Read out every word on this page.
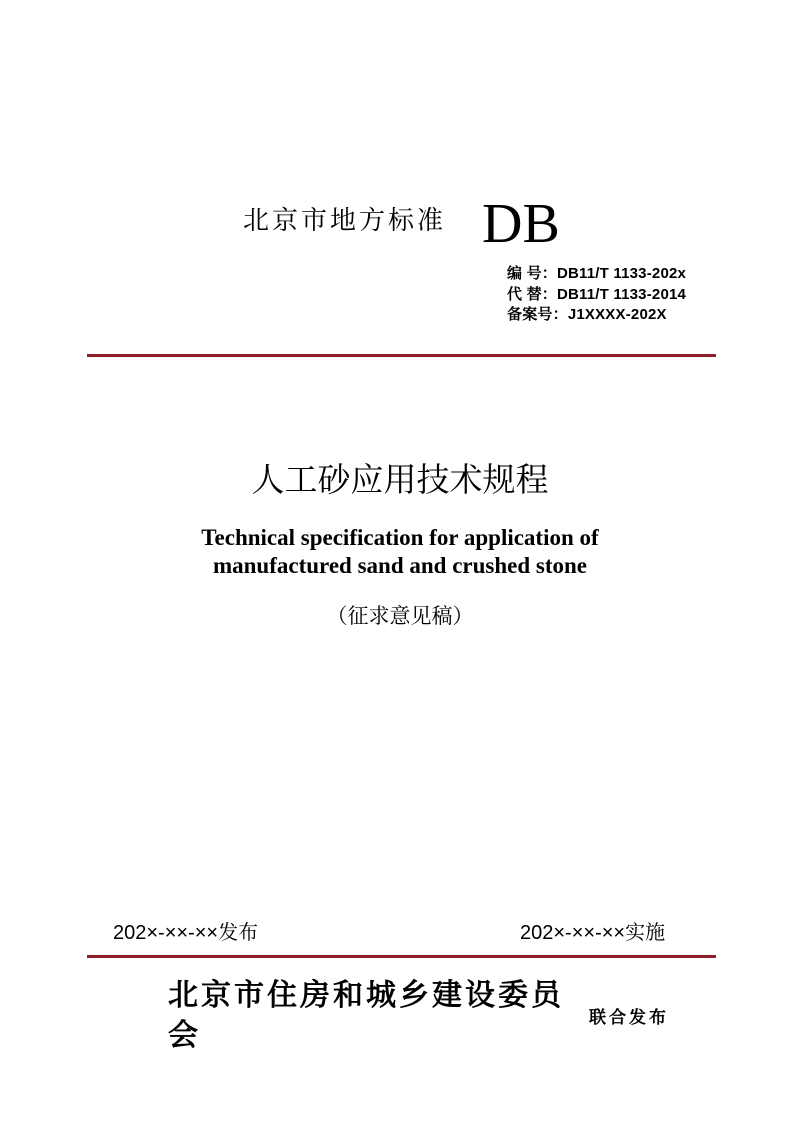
北京市地方标准 DB
编 号：DB11/T 1133-202x
代 替：DB11/T 1133-2014
备案号：J1XXXX-202X
人工砂应用技术规程
Technical specification for application of
manufactured sand and crushed stone
（征求意见稿）
202×-××-××发布	202×-××-××实施
北京市住房和城乡建设委员会
联合发布
